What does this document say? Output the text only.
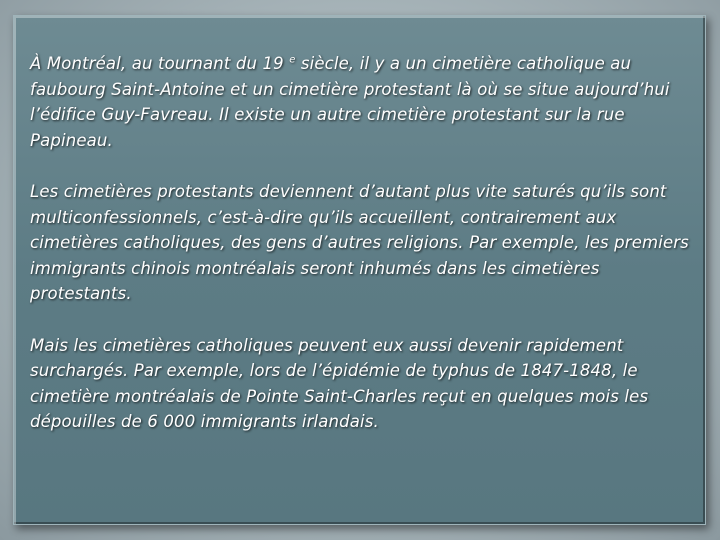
À Montréal, au tournant du 19 $^e$ siècle, il y a un cimetière catholique au faubourg Saint-Antoine et un cimetière protestant là où se situe aujourd’hui l’édifice Guy-Favreau. Il existe un autre cimetière protestant sur la rue Papineau.

Les cimetières protestants deviennent d’autant plus vite saturés qu’ils sont multiconfessionnels, c’est-à-dire qu’ils accueillent, contrairement aux cimetières catholiques, des gens d’autres religions. Par exemple, les premiers immigrants chinois montréalais seront inhumés dans les cimetières protestants.

Mais les cimetières catholiques peuvent eux aussi devenir rapidement surchargés. Par exemple, lors de l’épidémie de typhus de 1847-1848, le cimetière montréalais de Pointe Saint-Charles reçut en quelques mois les dépouilles de 6 000 immigrants irlandais.
